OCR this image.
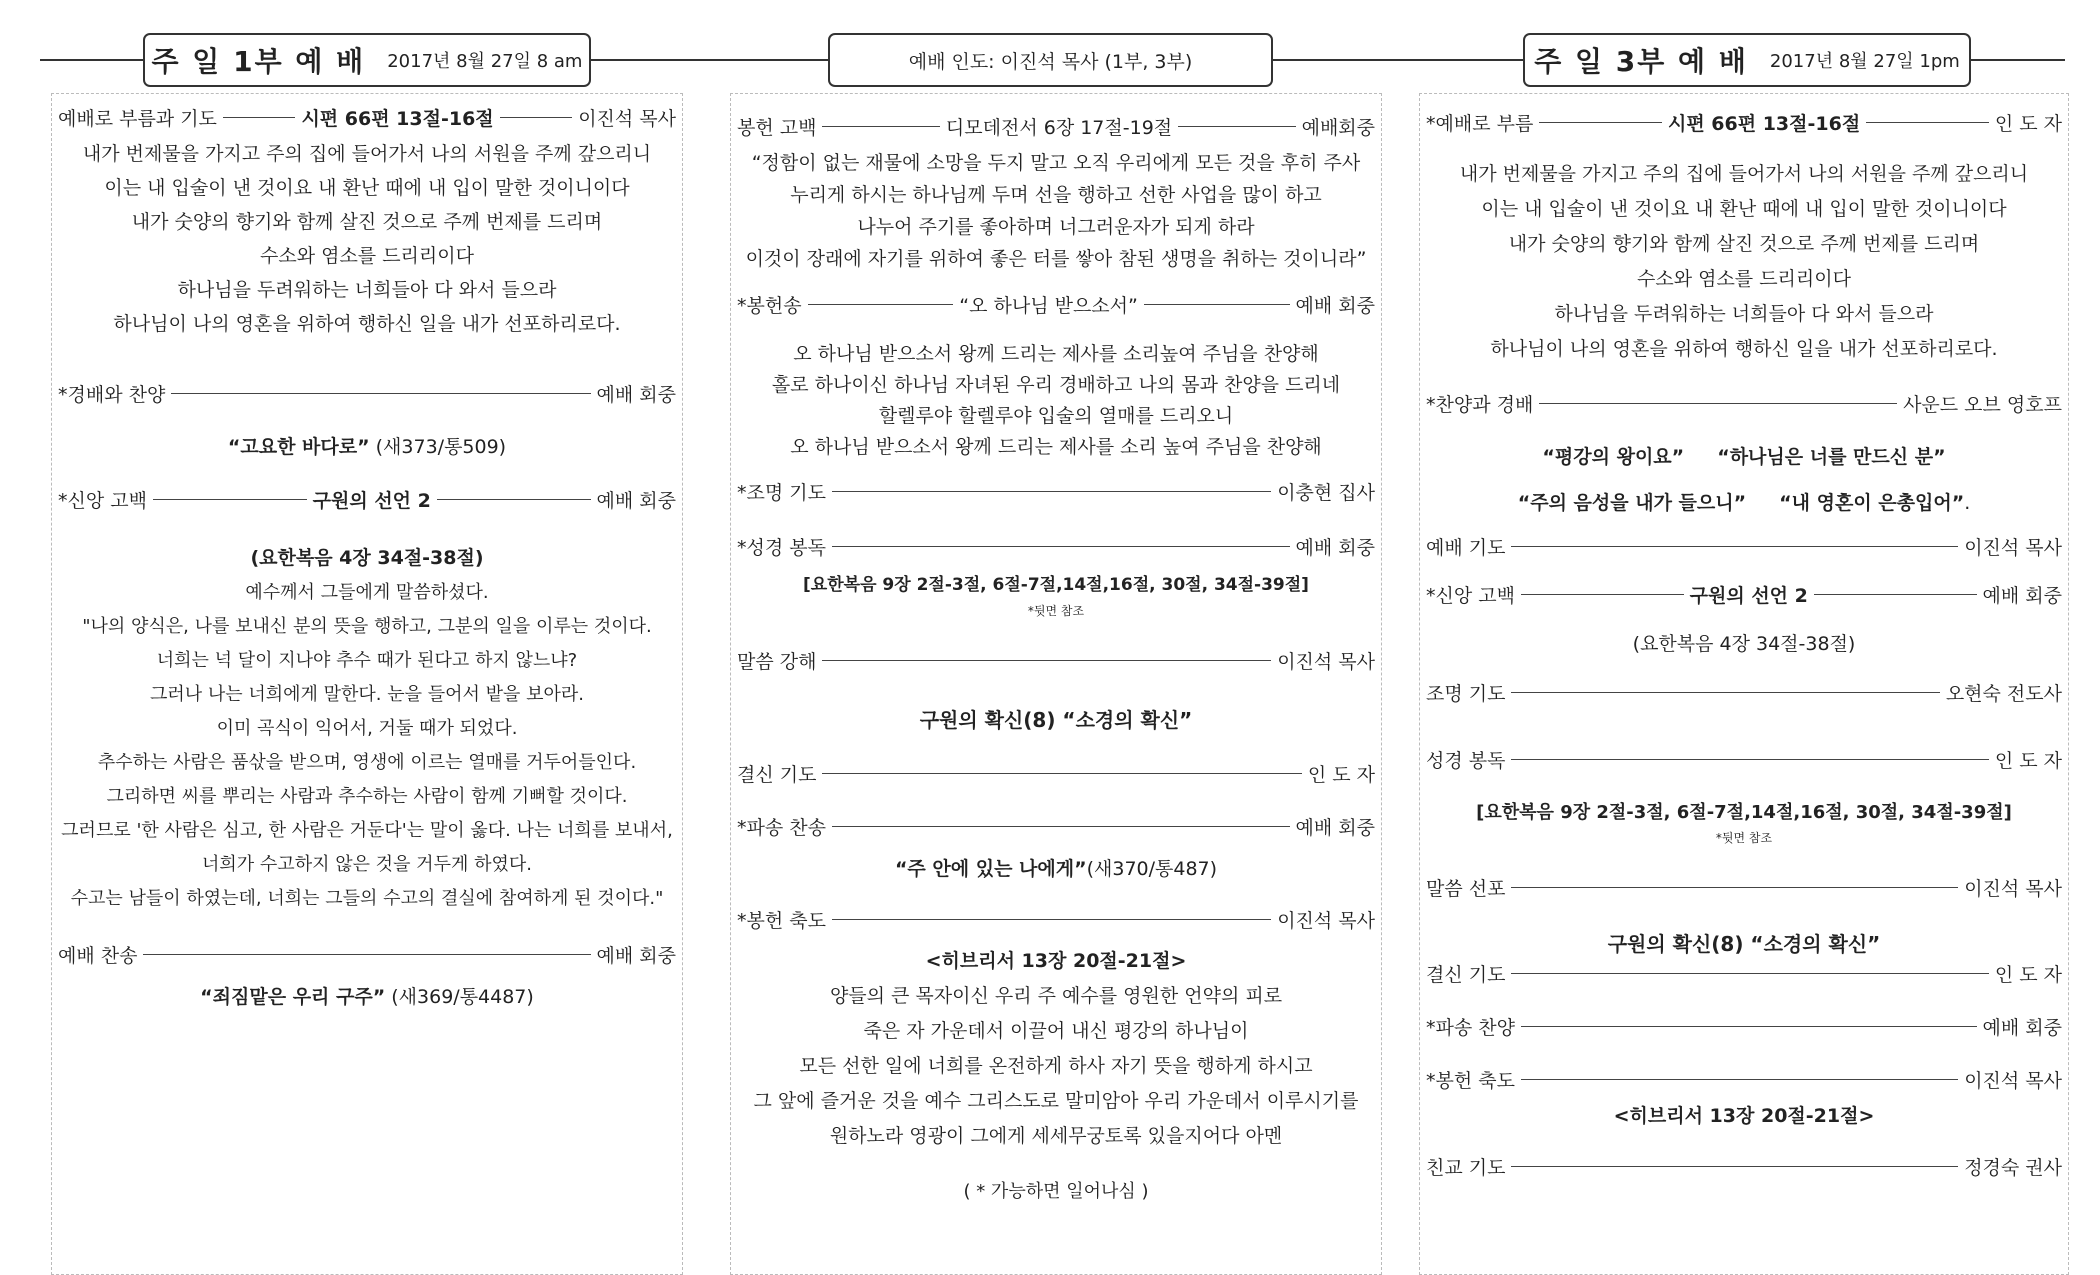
주 일 1부 예 배 2017년 8월 27일 8 am	예배 인도: 이진석 목사 (1부, 3부)	주 일 3부 예 배 2017년 8월 27일 1pm
예배로 부름과 기도	시편 66편 13절-16절	이진석 목사
내가 번제물을 가지고 주의 집에 들어가서 나의 서원을 주께 갚으리니
이는 내 입술이 낸 것이요 내 환난 때에 내 입이 말한 것이니이다
내가 숫양의 향기와 함께 살진 것으로 주께 번제를 드리며
수소와 염소를 드리리이다
하나님을 두려워하는 너희들아 다 와서 들으라
하나님이 나의 영혼을 위하여 행하신 일을 내가 선포하리로다.
*경배와 찬양	예배 회중
“고요한 바다로” (새373/통509)
*신앙 고백	구원의 선언 2	예배 회중
(요한복음 4장 34절-38절)
예수께서 그들에게 말씀하셨다.
"나의 양식은, 나를 보내신 분의 뜻을 행하고, 그분의 일을 이루는 것이다.
너희는 넉 달이 지나야 추수 때가 된다고 하지 않느냐?
그러나 나는 너희에게 말한다. 눈을 들어서 밭을 보아라.
이미 곡식이 익어서, 거둘 때가 되었다.
추수하는 사람은 품삯을 받으며, 영생에 이르는 열매를 거두어들인다.
그리하면 씨를 뿌리는 사람과 추수하는 사람이 함께 기뻐할 것이다.
그러므로 '한 사람은 심고, 한 사람은 거둔다'는 말이 옳다. 나는 너희를 보내서,
너희가 수고하지 않은 것을 거두게 하였다.
수고는 남들이 하였는데, 너희는 그들의 수고의 결실에 참여하게 된 것이다."
예배 찬송	예배 회중
“죄짐맡은 우리 구주” (새369/통4487)
봉헌 고백	디모데전서 6장 17절-19절	예배회중
“정함이 없는 재물에 소망을 두지 말고 오직 우리에게 모든 것을 후히 주사
누리게 하시는 하나님께 두며 선을 행하고 선한 사업을 많이 하고
나누어 주기를 좋아하며 너그러운자가 되게 하라
이것이 장래에 자기를 위하여 좋은 터를 쌓아 참된 생명을 취하는 것이니라”
*봉헌송	“오 하나님 받으소서”	예배 회중
오 하나님 받으소서 왕께 드리는 제사를 소리높여 주님을 찬양해
홀로 하나이신 하나님 자녀된 우리 경배하고 나의 몸과 찬양을 드리네
할렐루야 할렐루야 입술의 열매를 드리오니
오 하나님 받으소서 왕께 드리는 제사를 소리 높여 주님을 찬양해
*조명 기도	이충현 집사
*성경 봉독	예배 회중
[요한복음 9장 2절-3절, 6절-7절,14절,16절, 30절, 34절-39절]
*뒷면 참조
말씀 강해	이진석 목사
구원의 확신(8) “소경의 확신”
결신 기도	인 도 자
*파송 찬송	예배 회중
“주 안에 있는 나에게”(새370/통487)
*봉헌 축도	이진석 목사
<히브리서 13장 20절-21절>
양들의 큰 목자이신 우리 주 예수를 영원한 언약의 피로
죽은 자 가운데서 이끌어 내신 평강의 하나님이
모든 선한 일에 너희를 온전하게 하사 자기 뜻을 행하게 하시고
그 앞에 즐거운 것을 예수 그리스도로 말미암아 우리 가운데서 이루시기를
원하노라 영광이 그에게 세세무궁토록 있을지어다 아멘
( * 가능하면 일어나심 )
*예배로 부름	시편 66편 13절-16절	인 도 자
내가 번제물을 가지고 주의 집에 들어가서 나의 서원을 주께 갚으리니
이는 내 입술이 낸 것이요 내 환난 때에 내 입이 말한 것이니이다
내가 숫양의 향기와 함께 살진 것으로 주께 번제를 드리며
수소와 염소를 드리리이다
하나님을 두려워하는 너희들아 다 와서 들으라
하나님이 나의 영혼을 위하여 행하신 일을 내가 선포하리로다.
*찬양과 경배	사운드 오브 영호프
“평강의 왕이요”     “하나님은 너를 만드신 분”
“주의 음성을 내가 들으니”     “내 영혼이 은총입어”.
예배 기도	이진석 목사
*신앙 고백	구원의 선언 2	예배 회중
(요한복음 4장 34절-38절)
조명 기도	오현숙 전도사
성경 봉독	인 도 자
[요한복음 9장 2절-3절, 6절-7절,14절,16절, 30절, 34절-39절]
*뒷면 참조
말씀 선포	이진석 목사
구원의 확신(8) “소경의 확신”
결신 기도	인 도 자
*파송 찬양	예배 회중
*봉헌 축도	이진석 목사
<히브리서 13장 20절-21절>
친교 기도	정경숙 권사
